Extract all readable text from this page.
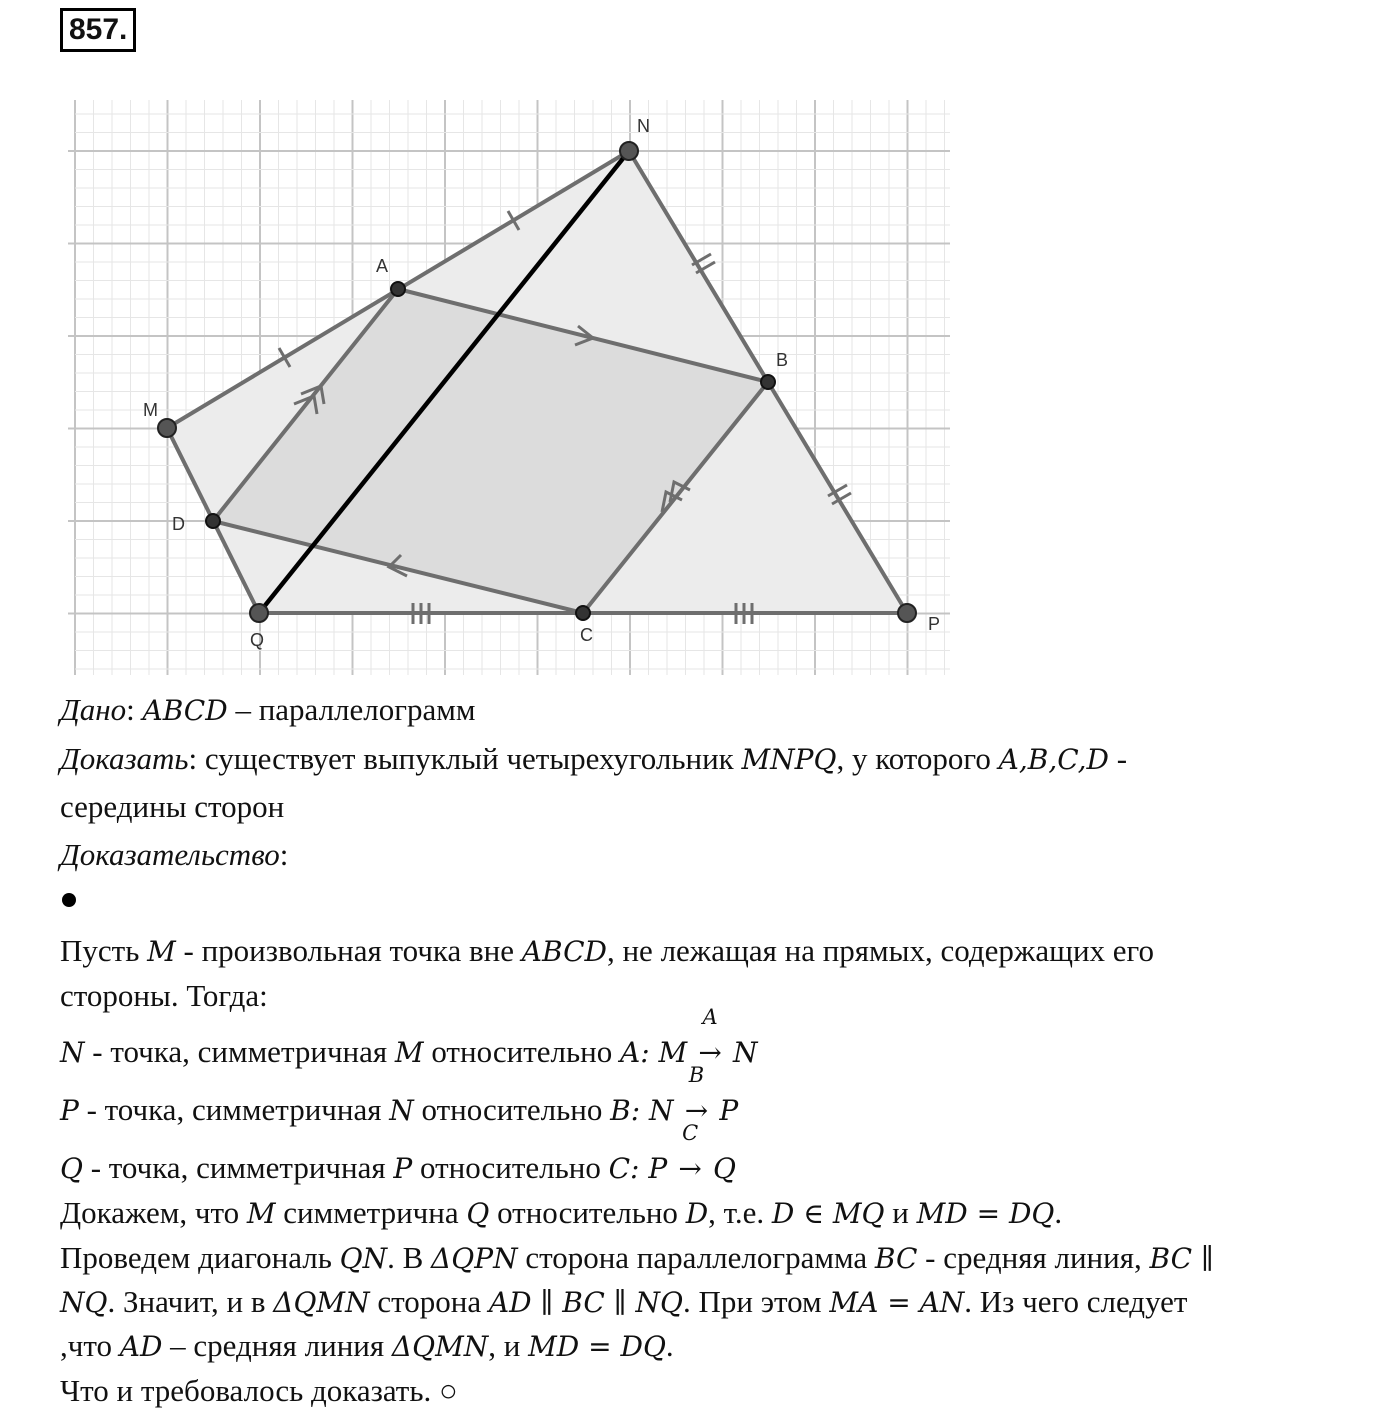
857.
N
A
B
M
D
Q	C
P
Дано: ABCD – параллелограмм
Доказать: существует выпуклый четырехугольник MNPQ, у которого A,B,C,D -
середины сторон
Доказательство:
Пусть M - произвольная точка вне ABCD, не лежащая на прямых, содержащих его
стороны. Тогда:
N - точка, симметричная M относительно A: M →
A
N
P - точка, симметричная N относительно B: N →
B
P
Q - точка, симметричная P относительно C: P →
C
Q
Докажем, что M симметрична Q относительно D, т.е. D ∈ MQ и MD = DQ.
Проведем диагональ QN. В ΔQPN сторона параллелограмма BC - средняя линия, BC ∥
NQ. Значит, и в ΔQMN сторона AD ∥ BC ∥ NQ. При этом MA = AN. Из чего следует
,что AD – средняя линия ΔQMN, и MD = DQ.
Что и требовалось доказать. ○
